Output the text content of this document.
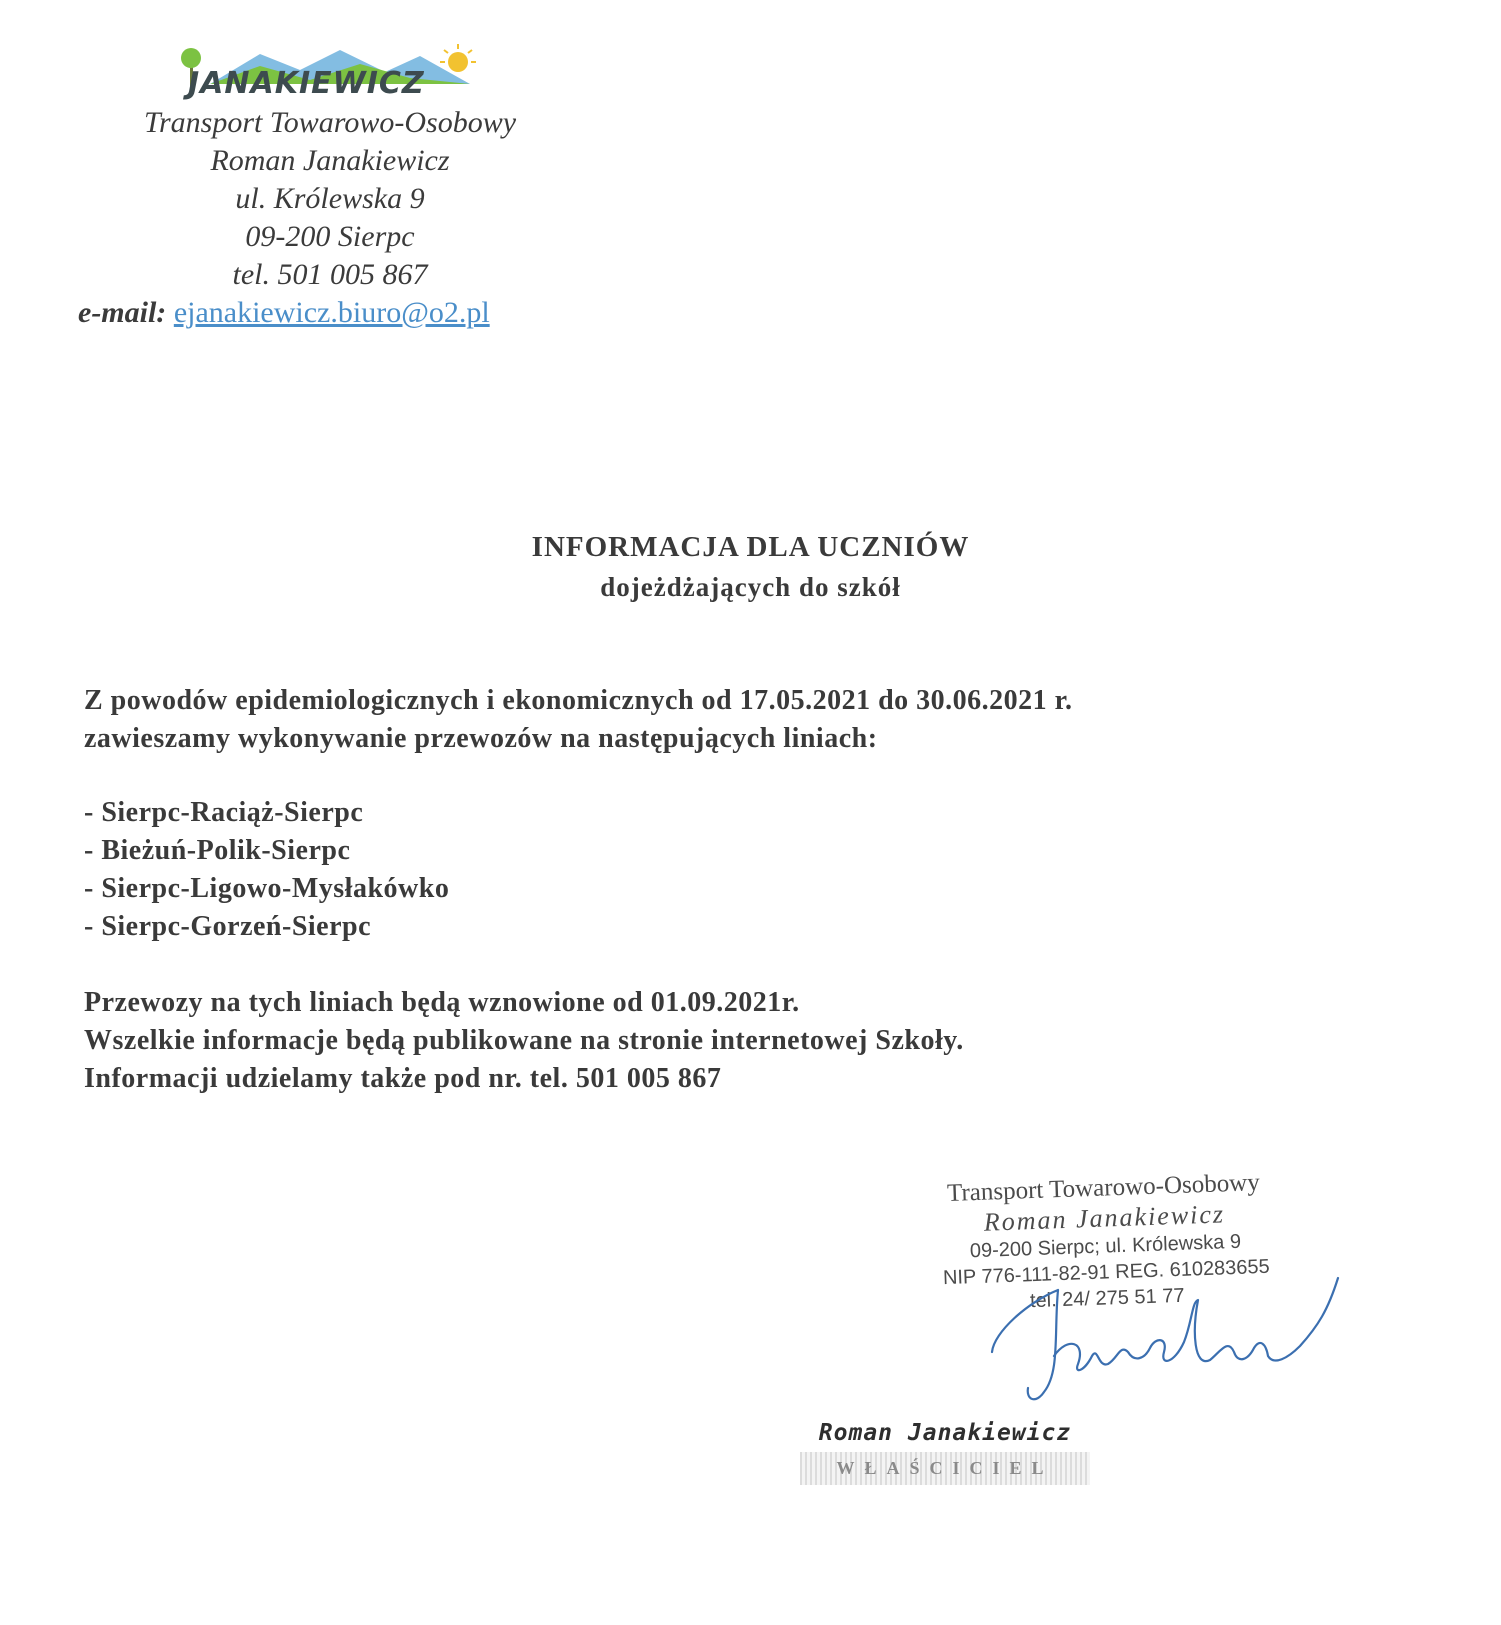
JANAKIEWICZ
Transport Towarowo-Osobowy
Roman Janakiewicz
ul. Królewska 9
09-200 Sierpc
tel. 501 005 867
e-mail: ejanakiewicz.biuro@o2.pl
INFORMACJA DLA UCZNIÓW
dojeżdżających do szkół
Z powodów epidemiologicznych i ekonomicznych od 17.05.2021 do 30.06.2021 r.
zawieszamy wykonywanie przewozów na następujących liniach:
- Sierpc-Raciąż-Sierpc
- Bieżuń-Polik-Sierpc
- Sierpc-Ligowo-Mysłakówko
- Sierpc-Gorzeń-Sierpc
Przewozy na tych liniach będą wznowione od 01.09.2021r.
Wszelkie informacje będą publikowane na stronie internetowej Szkoły.
Informacji udzielamy także pod nr. tel. 501 005 867
Transport Towarowo-Osobowy
Roman Janakiewicz
09-200 Sierpc; ul. Królewska 9
NIP 776-111-82-91 REG. 610283655
tel. 24/ 275 51 77
Roman Janakiewicz
WŁAŚCICIEL
